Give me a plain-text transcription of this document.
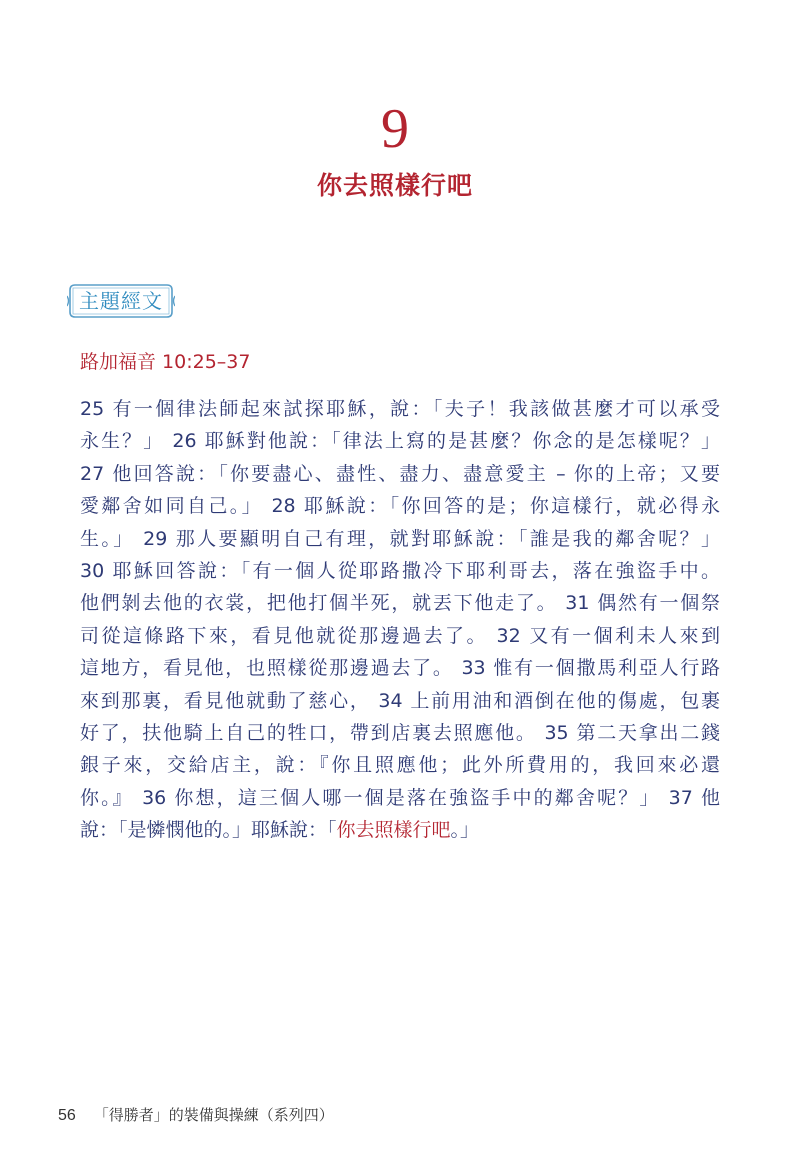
9
你去照樣行吧
主題經文
路加福音 10:25–37
25 有一個律法師起來試探耶穌，說：「夫子！我該做甚麼才可以承受
永生？」 26 耶穌對他說：「律法上寫的是甚麼？你念的是怎樣呢？」
27 他回答說：「你要盡心、盡性、盡力、盡意愛主 – 你的上帝；又要
愛鄰舍如同自己。」 28 耶穌說：「你回答的是；你這樣行，就必得永
生。」 29 那人要顯明自己有理，就對耶穌說：「誰是我的鄰舍呢？」
30 耶穌回答說：「有一個人從耶路撒冷下耶利哥去，落在強盜手中。
他們剝去他的衣裳，把他打個半死，就丟下他走了。 31 偶然有一個祭
司從這條路下來，看見他就從那邊過去了。 32 又有一個利未人來到
這地方，看見他，也照樣從那邊過去了。 33 惟有一個撒馬利亞人行路
來到那裏，看見他就動了慈心， 34 上前用油和酒倒在他的傷處，包裹
好了，扶他騎上自己的牲口，帶到店裏去照應他。 35 第二天拿出二錢
銀子來，交給店主，說：『你且照應他；此外所費用的，我回來必還
你。』 36 你想，這三個人哪一個是落在強盜手中的鄰舍呢？」 37 他
說：「是憐憫他的。」耶穌說：「你去照樣行吧。」
56 「得勝者」的裝備與操練（系列四）
